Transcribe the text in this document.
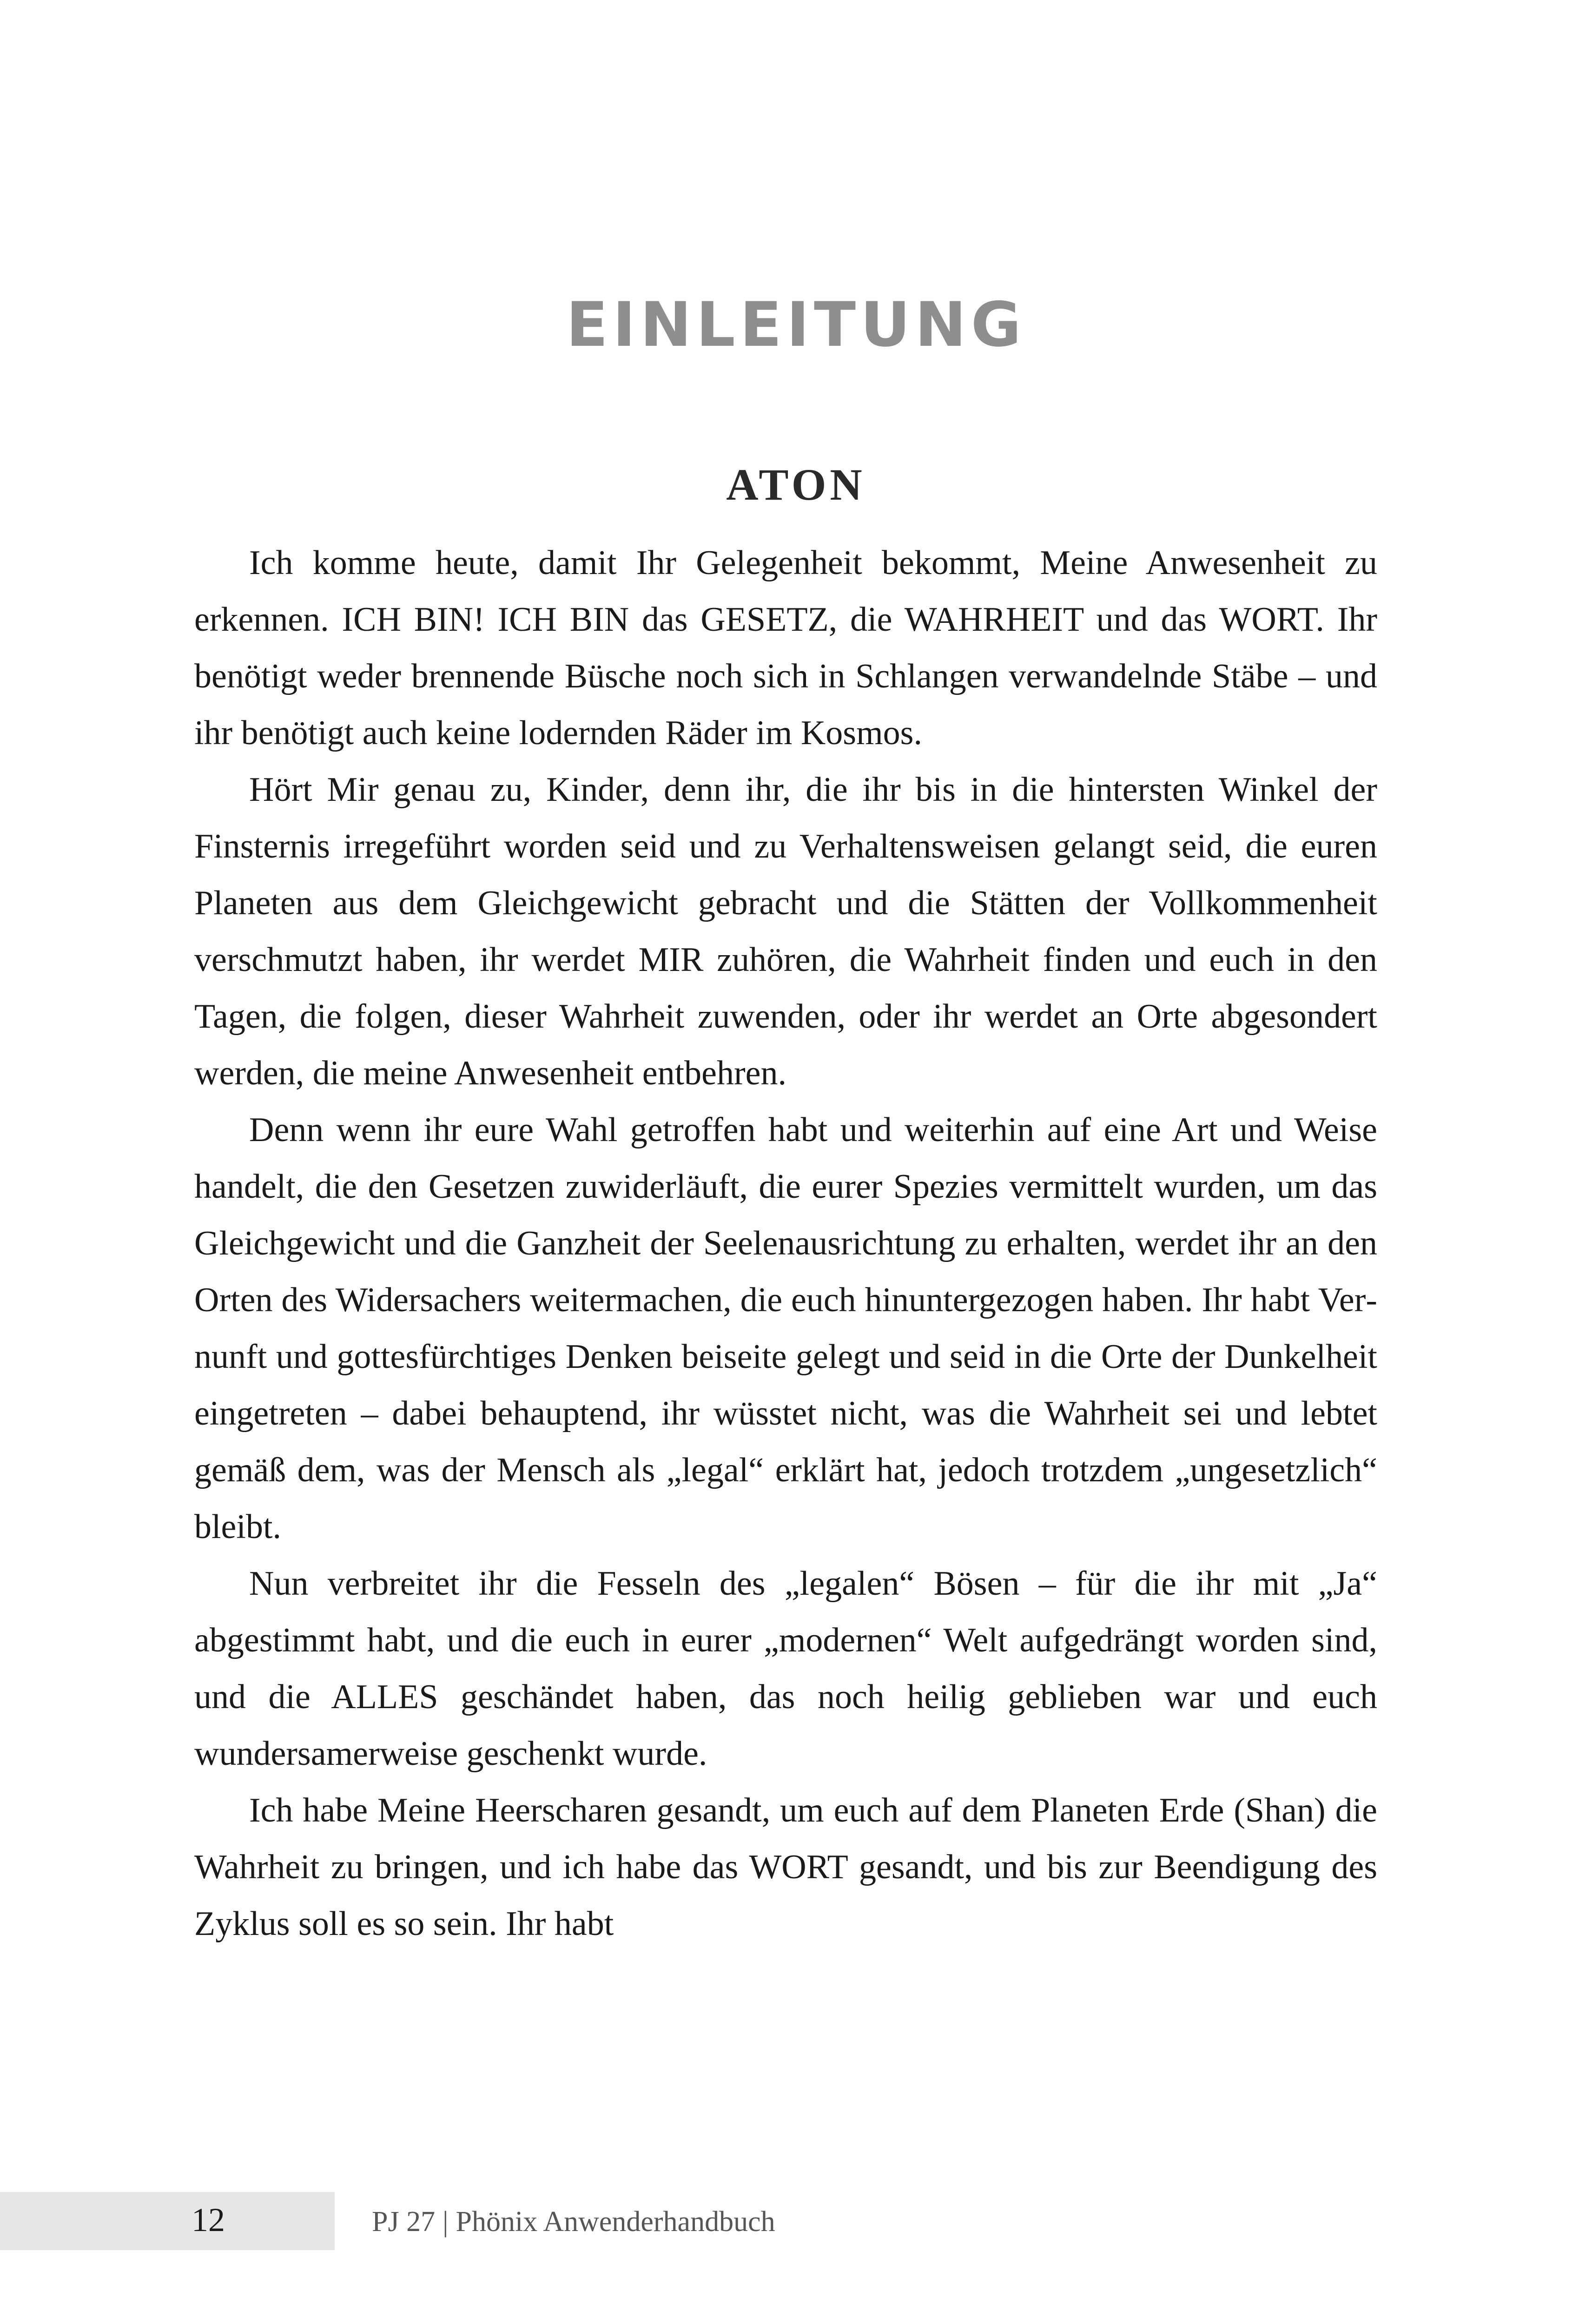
EINLEITUNG
ATON

Ich komme heute, damit Ihr Gelegenheit bekommt, Meine Anwesenheit zu erkennen. ICH BIN! ICH BIN das GESETZ, die WAHRHEIT und das WORT. Ihr benötigt weder brennende Büsche noch sich in Schlangen verwandelnde Stäbe – und ihr benötigt auch keine lodernden Räder im Kosmos.

Hört Mir genau zu, Kinder, denn ihr, die ihr bis in die hintersten Winkel der Finsternis irregeführt worden seid und zu Verhaltensweisen gelangt seid, die euren Planeten aus dem Gleichgewicht gebracht und die Stätten der Vollkommenheit verschmutzt haben, ihr werdet MIR zuhören, die Wahrheit finden und euch in den Tagen, die folgen, dieser Wahrheit zuwenden, oder ihr werdet an Orte abgesondert werden, die meine Anwesenheit entbehren.

Denn wenn ihr eure Wahl getroffen habt und weiterhin auf eine Art und Weise handelt, die den Gesetzen zuwiderläuft, die eurer Spezies vermittelt wurden, um das Gleichgewicht und die Ganzheit der Seelenausrichtung zu erhalten, werdet ihr an den Orten des Widersachers weitermachen, die euch hinuntergezogen haben. Ihr habt Vernunft und gottesfürchtiges Denken beiseite gelegt und seid in die Orte der Dunkelheit eingetreten – dabei behauptend, ihr wüsstet nicht, was die Wahrheit sei und lebtet gemäß dem, was der Mensch als „legal“ erklärt hat, jedoch trotzdem „ungesetzlich“ bleibt.

Nun verbreitet ihr die Fesseln des „legalen“ Bösen – für die ihr mit „Ja“ abgestimmt habt, und die euch in eurer „modernen“ Welt aufgedrängt worden sind, und die ALLES geschändet haben, das noch heilig geblieben war und euch wundersamerweise geschenkt wurde.

Ich habe Meine Heerscharen gesandt, um euch auf dem Planeten Erde (Shan) die Wahrheit zu bringen, und ich habe das WORT gesandt, und bis zur Beendigung des Zyklus soll es so sein. Ihr habt

12	PJ 27 | Phönix Anwenderhandbuch
